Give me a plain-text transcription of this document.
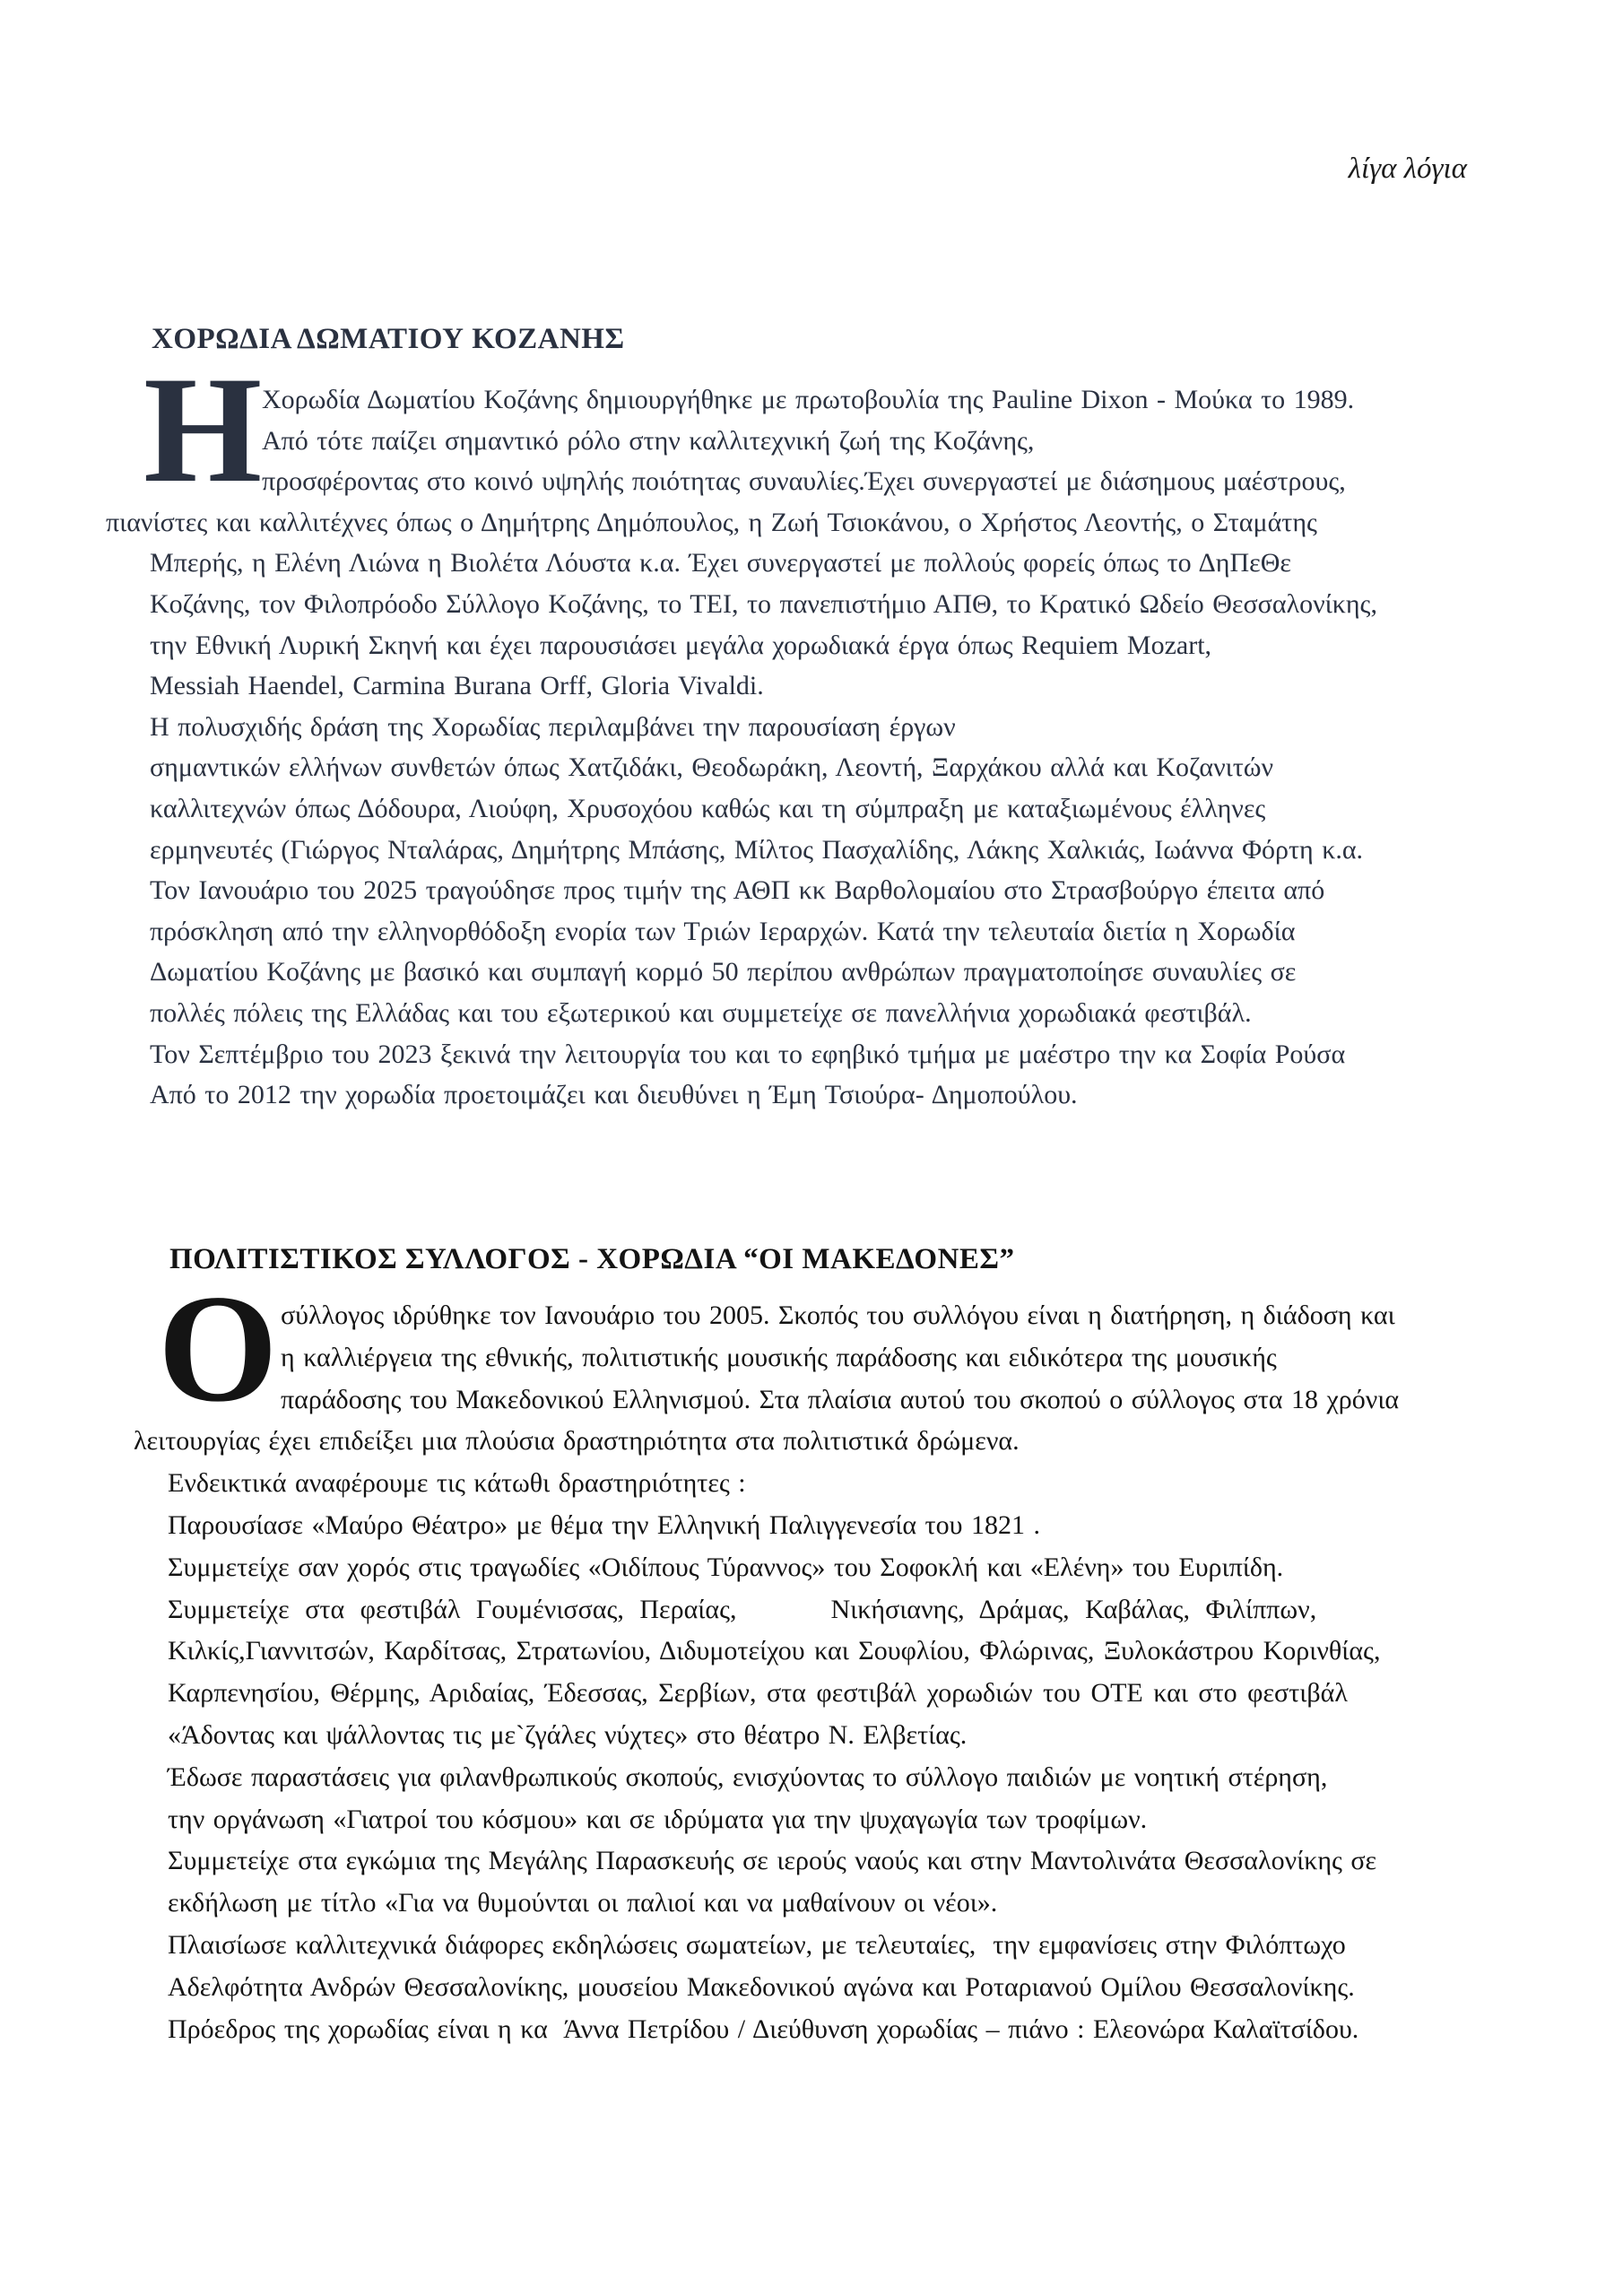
λίγα λόγια
ΧΟΡΩΔΙΑ ΔΩΜΑΤΙΟΥ ΚΟΖΑΝΗΣ
Η Χορωδία Δωματίου Κοζάνης δημιουργήθηκε με πρωτοβουλία της Pauline Dixon - Μούκα το 1989.
Από τότε παίζει σημαντικό ρόλο στην καλλιτεχνική ζωή της Κοζάνης,
προσφέροντας στο κοινό υψηλής ποιότητας συναυλίες.Έχει συνεργαστεί με διάσημους μαέστρους,
πιανίστες και καλλιτέχνες όπως ο Δημήτρης Δημόπουλος, η Ζωή Τσιοκάνου, ο Χρήστος Λεοντής, ο Σταμάτης
Μπερής, η Ελένη Λιώνα η Βιολέτα Λόυστα κ.α. Έχει συνεργαστεί με πολλούς φορείς όπως το ΔηΠεΘε
Κοζάνης, τον Φιλοπρόοδο Σύλλογο Κοζάνης, το ΤΕΙ, το πανεπιστήμιο ΑΠΘ, το Κρατικό Ωδείο Θεσσαλονίκης,
την Εθνική Λυρική Σκηνή και έχει παρουσιάσει μεγάλα χορωδιακά έργα όπως Requiem Mozart,
Messiah Haendel, Carmina Burana Orff, Gloria Vivaldi.
Η πολυσχιδής δράση της Χορωδίας περιλαμβάνει την παρουσίαση έργων
σημαντικών ελλήνων συνθετών όπως Χατζιδάκι, Θεοδωράκη, Λεοντή, Ξαρχάκου αλλά και Κοζανιτών
καλλιτεχνών όπως Δόδουρα, Λιούφη, Χρυσοχόου καθώς και τη σύμπραξη με καταξιωμένους έλληνες
ερμηνευτές (Γιώργος Νταλάρας, Δημήτρης Μπάσης, Μίλτος Πασχαλίδης, Λάκης Χαλκιάς, Ιωάννα Φόρτη κ.α.
Τον Ιανουάριο του 2025 τραγούδησε προς τιμήν της ΑΘΠ κκ Βαρθολομαίου στο Στρασβούργο έπειτα από
πρόσκληση από την ελληνορθόδοξη ενορία των Τριών Ιεραρχών. Κατά την τελευταία διετία η Χορωδία
Δωματίου Κοζάνης με βασικό και συμπαγή κορμό 50 περίπου ανθρώπων πραγματοποίησε συναυλίες σε
πολλές πόλεις της Ελλάδας και του εξωτερικού και συμμετείχε σε πανελλήνια χορωδιακά φεστιβάλ.
Τον Σεπτέμβριο του 2023 ξεκινά την λειτουργία του και το εφηβικό τμήμα με μαέστρο την κα Σοφία Ρούσα
Από το 2012 την χορωδία προετοιμάζει και διευθύνει η Έμη Τσιούρα- Δημοπούλου.
ΠΟΛΙΤΙΣΤΙΚΟΣ ΣΥΛΛΟΓΟΣ - ΧΟΡΩΔΙΑ “ΟΙ ΜΑΚΕΔΟΝΕΣ”
Ο σύλλογος ιδρύθηκε τον Ιανουάριο του 2005. Σκοπός του συλλόγου είναι η διατήρηση, η διάδοση και
η καλλιέργεια της εθνικής, πολιτιστικής μουσικής παράδοσης και ειδικότερα της μουσικής
παράδοσης του Μακεδονικού Ελληνισμού. Στα πλαίσια αυτού του σκοπού ο σύλλογος στα 18 χρόνια
λειτουργίας έχει επιδείξει μια πλούσια δραστηριότητα στα πολιτιστικά δρώμενα.
Ενδεικτικά αναφέρουμε τις κάτωθι δραστηριότητες :
Παρουσίασε «Μαύρο Θέατρο» με θέμα την Ελληνική Παλιγγενεσία του 1821 .
Συμμετείχε σαν χορός στις τραγωδίες «Οιδίπους Τύραννος» του Σοφοκλή και «Ελένη» του Ευριπίδη.
Συμμετείχε στα φεστιβάλ Γουμένισσας, Περαίας,      Νικήσιανης, Δράμας, Καβάλας, Φιλίππων,
Κιλκίς,Γιαννιτσών, Καρδίτσας, Στρατωνίου, Διδυμοτείχου και Σουφλίου, Φλώρινας, Ξυλοκάστρου Κορινθίας,
Καρπενησίου, Θέρμης, Αριδαίας, Έδεσσας, Σερβίων, στα φεστιβάλ χορωδιών του ΟΤΕ και στο φεστιβάλ
«Άδοντας και ψάλλοντας τις με`ζγάλες νύχτες» στο θέατρο Ν. Ελβετίας.
Έδωσε παραστάσεις για φιλανθρωπικούς σκοπούς, ενισχύοντας το σύλλογο παιδιών με νοητική στέρηση,
την οργάνωση «Γιατροί του κόσμου» και σε ιδρύματα για την ψυχαγωγία των τροφίμων.
Συμμετείχε στα εγκώμια της Μεγάλης Παρασκευής σε ιερούς ναούς και στην Μαντολινάτα Θεσσαλονίκης σε
εκδήλωση με τίτλο «Για να θυμούνται οι παλιοί και να μαθαίνουν οι νέοι».
Πλαισίωσε καλλιτεχνικά διάφορες εκδηλώσεις σωματείων, με τελευταίες,  την εμφανίσεις στην Φιλόπτωχο
Αδελφότητα Ανδρών Θεσσαλονίκης, μουσείου Μακεδονικού αγώνα και Ροταριανού Ομίλου Θεσσαλονίκης.
Πρόεδρος της χορωδίας είναι η κα  Άννα Πετρίδου / Διεύθυνση χορωδίας – πιάνο : Ελεονώρα Καλαϊτσίδου.
